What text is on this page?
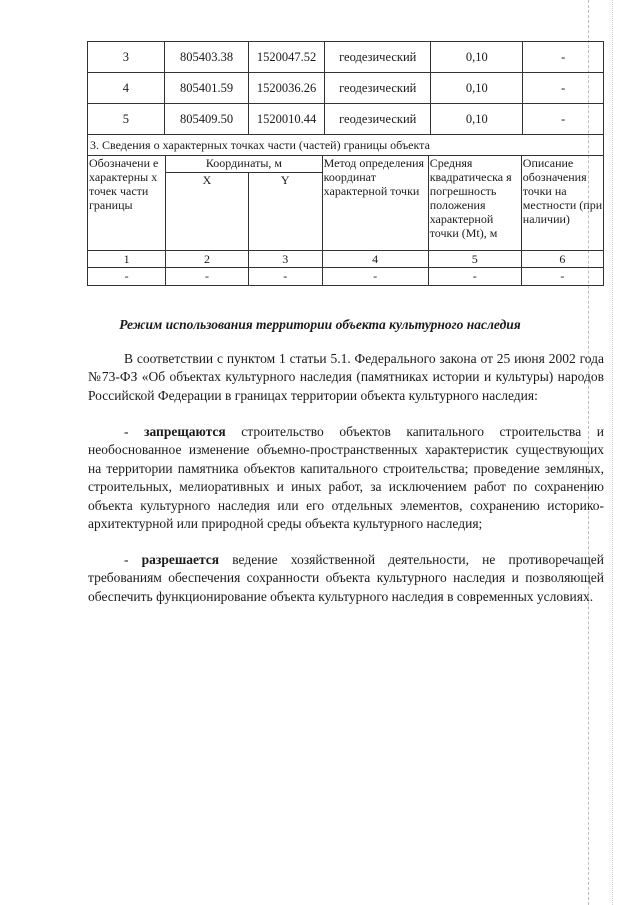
3	805403.38	1520047.52	геодезический	0,10	-
4	805401.59	1520036.26	геодезический	0,10	-
5	805409.50	1520010.44	геодезический	0,10	-
3. Сведения о характерных точках части (частей) границы объекта					
Обозначени е характерны х точек части границы	Координаты, м		Метод определения координат характерной точки	Средняя квадратическа я погрешность положения характерной точки (Mt), м	Описание обозначения точки на местности (при наличии)
	X	Y			
1	2	3	4	5	6
-	-	-	-	-	-
Режим использования территории объекта культурного наследия

В соответствии с пунктом 1 статьи 5.1. Федерального закона от 25 июня 2002 года №73-ФЗ «Об объектах культурного наследия (памятниках истории и культуры) народов Российской Федерации в границах территории объекта культурного наследия:

- запрещаются строительство объектов капитального строительства и необоснованное изменение объемно-пространственных характеристик существующих на территории памятника объектов капитального строительства; проведение земляных, строительных, мелиоративных и иных работ, за исключением работ по сохранению объекта культурного наследия или его отдельных элементов, сохранению историко-архитектурной или природной среды объекта культурного наследия;

- разрешается ведение хозяйственной деятельности, не противоречащей требованиям обеспечения сохранности объекта культурного наследия и позволяющей обеспечить функционирование объекта культурного наследия в современных условиях.
